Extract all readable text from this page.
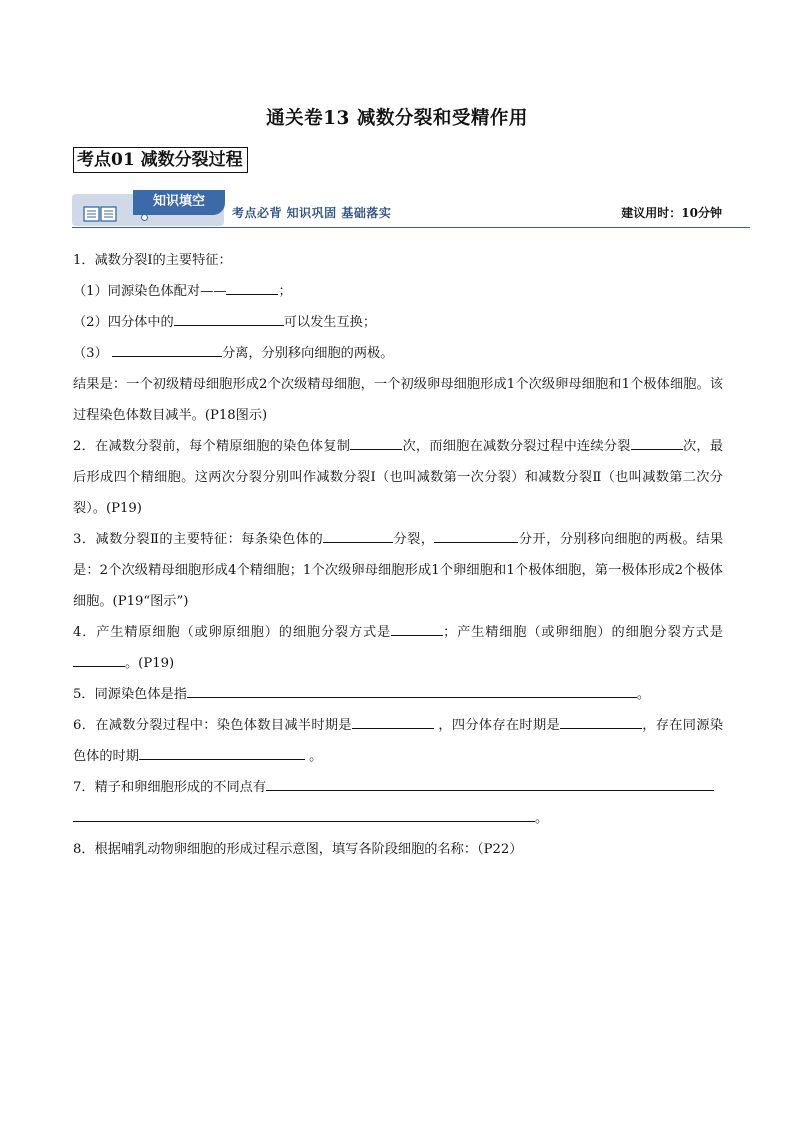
通关卷13 减数分裂和受精作用
考点01 减数分裂过程
知识填空
考点必背 知识巩固 基础落实	建议用时：10分钟

1．减数分裂Ⅰ的主要特征：

（1）同源染色体配对——	；

（2）四分体中的	可以发生互换；

（3）	分离，分别移向细胞的两极。

结果是：一个初级精母细胞形成2个次级精母细胞，一个初级卵母细胞形成1个次级卵母细胞和1个极体细胞。该过程染色体数目减半。(P18图示)

2．在减数分裂前，每个精原细胞的染色体复制	次，而细胞在减数分裂过程中连续分裂	次，最后形成四个精细胞。这两次分裂分别叫作减数分裂Ⅰ（也叫减数第一次分裂）和减数分裂Ⅱ（也叫减数第二次分裂）。(P19)

3．减数分裂Ⅱ的主要特征：每条染色体的	分裂，	分开，分别移向细胞的两极。结果是：2个次级精母细胞形成4个精细胞；1个次级卵母细胞形成1个卵细胞和1个极体细胞，第一极体形成2个极体细胞。(P19“图示”)

4．产生精原细胞（或卵原细胞）的细胞分裂方式是	；产生精细胞（或卵细胞）的细胞分裂方式是。(P19)

5．同源染色体是指	。

6．在减数分裂过程中：染色体数目减半时期是	，四分体存在时期是	，存在同源染色体的时期	。

7．精子和卵细胞形成的不同点有

。

8．根据哺乳动物卵细胞的形成过程示意图，填写各阶段细胞的名称：（P22）
